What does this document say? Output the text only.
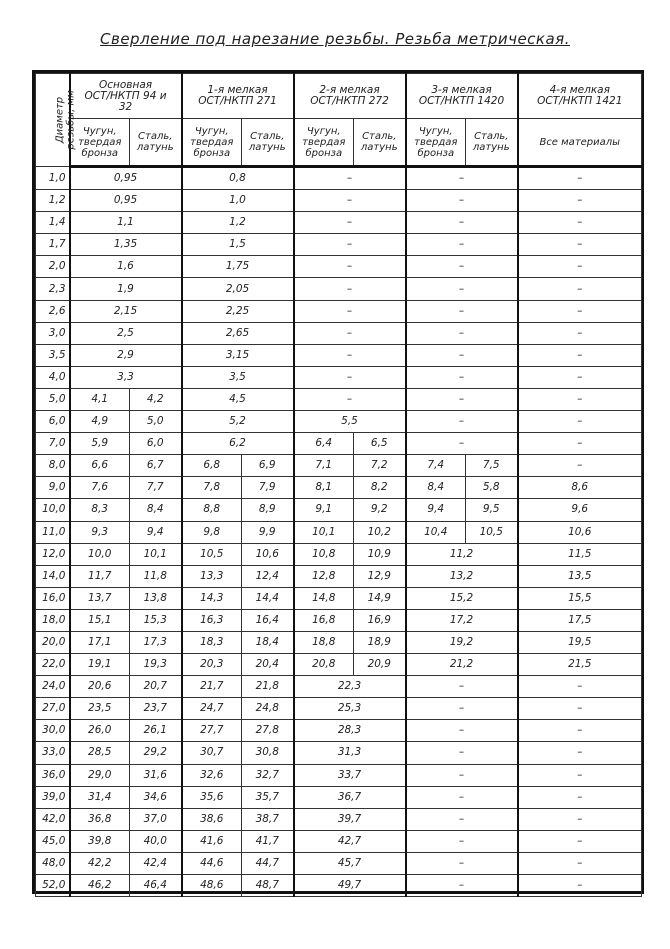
Сверление под нарезание резьбы. Резьба метрическая.
Диаметр
резьбы, мм	Основная
ОСТ/НКТП 94 и
32		1-я мелкая
ОСТ/НКТП 271		2-я мелкая
ОСТ/НКТП 272		3-я мелкая
ОСТ/НКТП 1420		4-я мелкая
ОСТ/НКТП 1421
	Чугун,
твердая
бронза	Сталь,
латунь	Чугун,
твердая
бронза	Сталь,
латунь	Чугун,
твердая
бронза	Сталь,
латунь	Чугун,
твердая
бронза	Сталь,
латунь	Все материалы
1,0	0,95		0,8		–		–		–
1,2	0,95		1,0		–		–		–
1,4	1,1		1,2		–		–		–
1,7	1,35		1,5		–		–		–
2,0	1,6		1,75		–		–		–
2,3	1,9		2,05		–		–		–
2,6	2,15		2,25		–		–		–
3,0	2,5		2,65		–		–		–
3,5	2,9		3,15		–		–		–
4,0	3,3		3,5		–		–		–
5,0	4,1	4,2	4,5		–		–		–
6,0	4,9	5,0	5,2		5,5		–		–
7,0	5,9	6,0	6,2		6,4	6,5	–		–
8,0	6,6	6,7	6,8	6,9	7,1	7,2	7,4	7,5	–
9,0	7,6	7,7	7,8	7,9	8,1	8,2	8,4	5,8	8,6
10,0	8,3	8,4	8,8	8,9	9,1	9,2	9,4	9,5	9,6
11,0	9,3	9,4	9,8	9,9	10,1	10,2	10,4	10,5	10,6
12,0	10,0	10,1	10,5	10,6	10,8	10,9	11,2		11,5
14,0	11,7	11,8	13,3	12,4	12,8	12,9	13,2		13,5
16,0	13,7	13,8	14,3	14,4	14,8	14,9	15,2		15,5
18,0	15,1	15,3	16,3	16,4	16,8	16,9	17,2		17,5
20,0	17,1	17,3	18,3	18,4	18,8	18,9	19,2		19,5
22,0	19,1	19,3	20,3	20,4	20,8	20,9	21,2		21,5
24,0	20,6	20,7	21,7	21,8	22,3		–		–
27,0	23,5	23,7	24,7	24,8	25,3		–		–
30,0	26,0	26,1	27,7	27,8	28,3		–		–
33,0	28,5	29,2	30,7	30,8	31,3		–		–
36,0	29,0	31,6	32,6	32,7	33,7		–		–
39,0	31,4	34,6	35,6	35,7	36,7		–		–
42,0	36,8	37,0	38,6	38,7	39,7		–		–
45,0	39,8	40,0	41,6	41,7	42,7		–		–
48,0	42,2	42,4	44,6	44,7	45,7		–		–
52,0	46,2	46,4	48,6	48,7	49,7		–		–
